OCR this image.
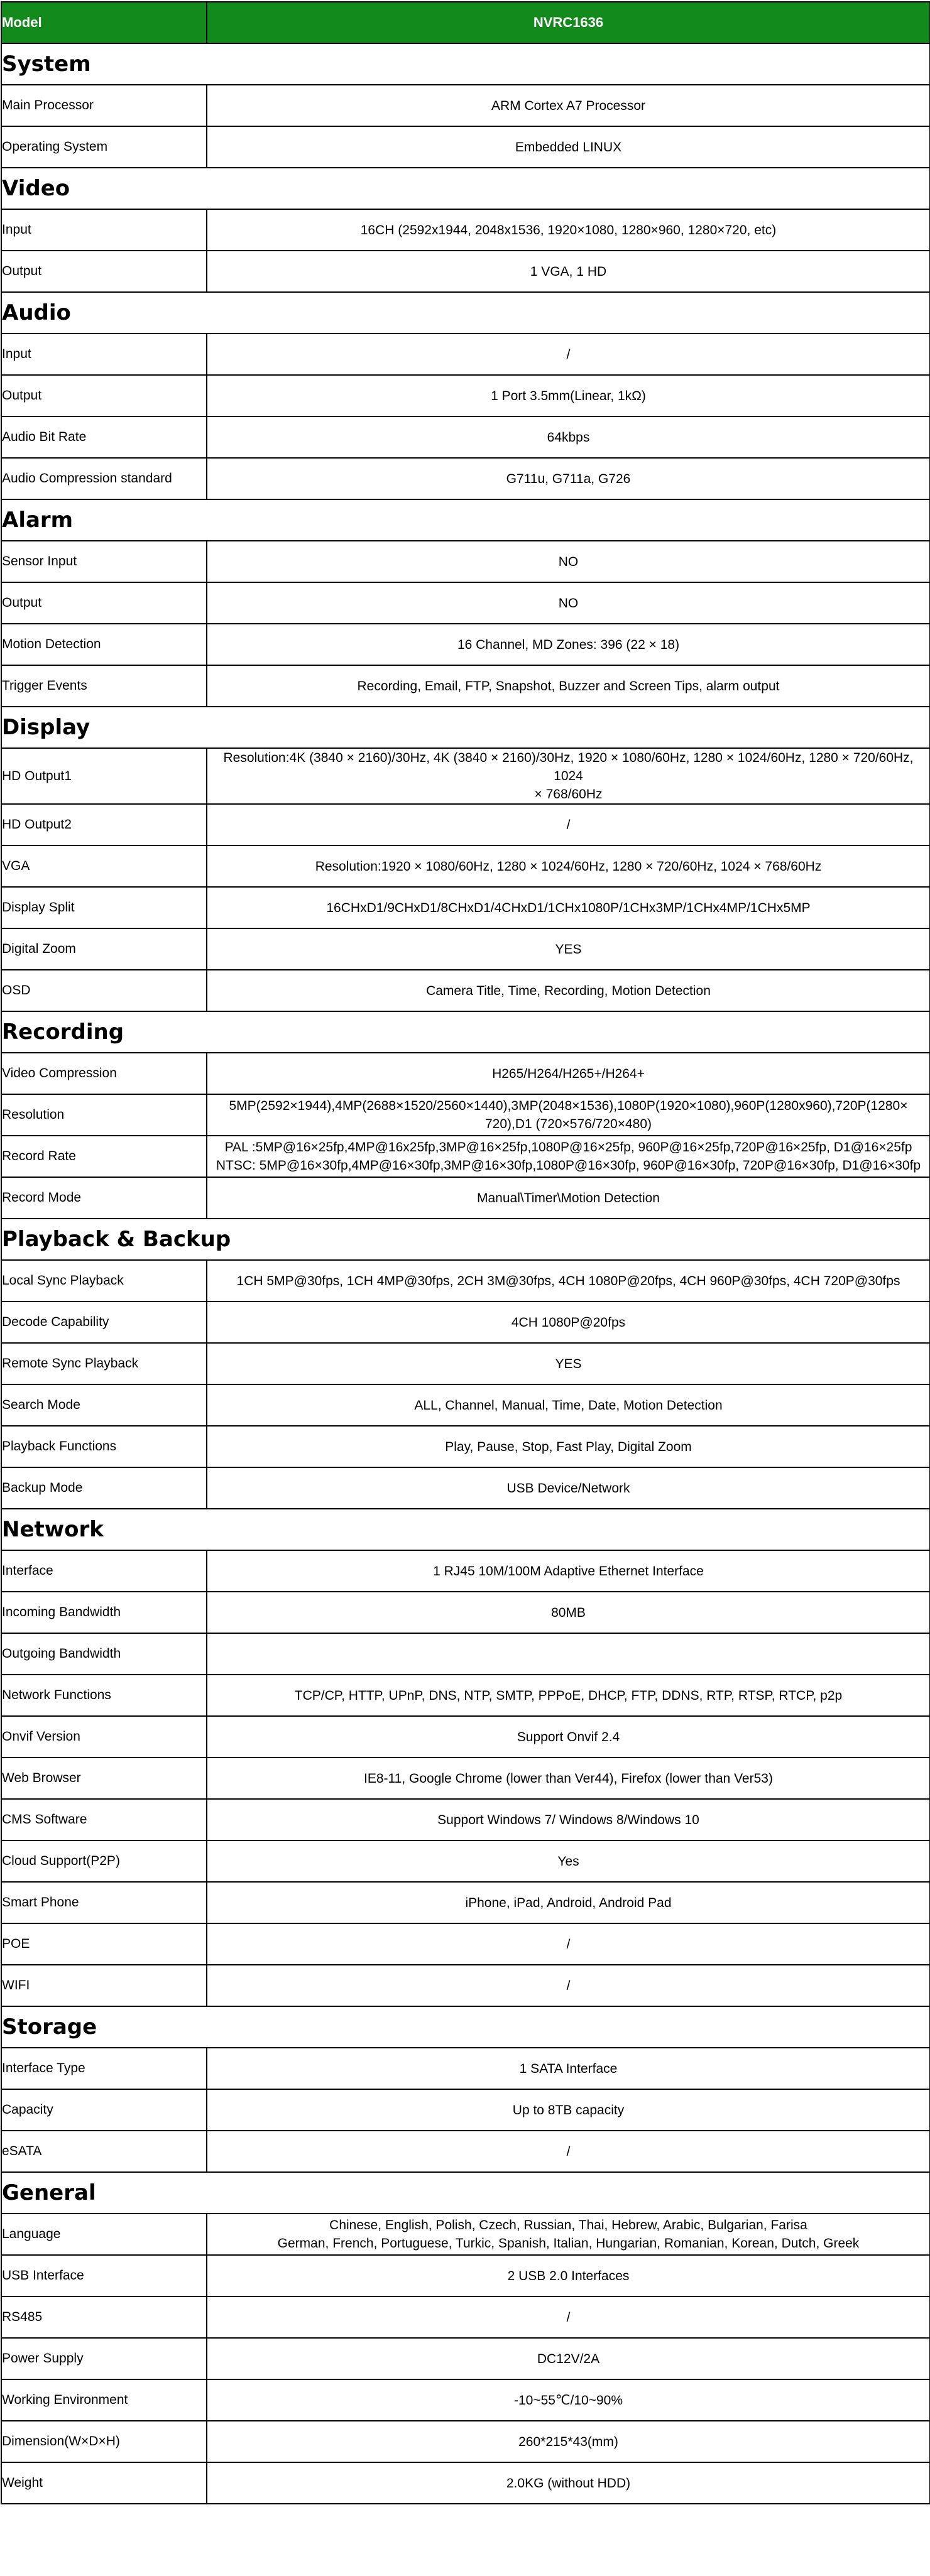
Model	NVRC1636
System	
Main Processor	ARM Cortex A7 Processor
Operating System	Embedded LINUX
Video	
Input	16CH (2592x1944, 2048x1536, 1920×1080, 1280×960, 1280×720, etc)
Output	1 VGA, 1 HD
Audio	
Input	/
Output	1 Port 3.5mm(Linear, 1kΩ)
Audio Bit Rate	64kbps
Audio Compression standard	G711u, G711a, G726
Alarm	
Sensor Input	NO
Output	NO
Motion Detection	16 Channel, MD Zones: 396 (22 × 18)
Trigger Events	Recording, Email, FTP, Snapshot, Buzzer and Screen Tips, alarm output
Display	
HD Output1	Resolution:4K (3840 × 2160)/30Hz, 4K (3840 × 2160)/30Hz, 1920 × 1080/60Hz, 1280 × 1024/60Hz, 1280 × 720/60Hz, 1024
× 768/60Hz
HD Output2	/
VGA	Resolution:1920 × 1080/60Hz, 1280 × 1024/60Hz, 1280 × 720/60Hz, 1024 × 768/60Hz
Display Split	16CHxD1/9CHxD1/8CHxD1/4CHxD1/1CHx1080P/1CHx3MP/1CHx4MP/1CHx5MP
Digital Zoom	YES
OSD	Camera Title, Time, Recording, Motion Detection
Recording	
Video Compression	H265/H264/H265+/H264+
Resolution	5MP(2592×1944),4MP(2688×1520/2560×1440),3MP(2048×1536),1080P(1920×1080),960P(1280x960),720P(1280×
720),D1 (720×576/720×480)
Record Rate	PAL :5MP@16×25fp,4MP@16x25fp,3MP@16×25fp,1080P@16×25fp, 960P@16×25fp,720P@16×25fp, D1@16×25fp
NTSC: 5MP@16×30fp,4MP@16×30fp,3MP@16×30fp,1080P@16×30fp, 960P@16×30fp, 720P@16×30fp, D1@16×30fp
Record Mode	Manual\Timer\Motion Detection
Playback & Backup	
Local Sync Playback	1CH 5MP@30fps, 1CH 4MP@30fps, 2CH 3M@30fps, 4CH 1080P@20fps, 4CH 960P@30fps, 4CH 720P@30fps
Decode Capability	4CH 1080P@20fps
Remote Sync Playback	YES
Search Mode	ALL, Channel, Manual, Time, Date, Motion Detection
Playback Functions	Play, Pause, Stop, Fast Play, Digital Zoom
Backup Mode	USB Device/Network
Network	
Interface	1 RJ45 10M/100M Adaptive Ethernet Interface
Incoming Bandwidth	80MB
Outgoing Bandwidth	
Network Functions	TCP/CP, HTTP, UPnP, DNS, NTP, SMTP, PPPoE, DHCP, FTP, DDNS, RTP, RTSP, RTCP, p2p
Onvif Version	Support Onvif 2.4
Web Browser	IE8-11, Google Chrome (lower than Ver44), Firefox (lower than Ver53)
CMS Software	Support Windows 7/ Windows 8/Windows 10
Cloud Support(P2P)	Yes
Smart Phone	iPhone, iPad, Android, Android Pad
POE	/
WIFI	/
Storage	
Interface Type	1 SATA Interface
Capacity	Up to 8TB capacity
eSATA	/
General	
Language	Chinese, English, Polish, Czech, Russian, Thai, Hebrew, Arabic, Bulgarian, Farisa
German, French, Portuguese, Turkic, Spanish, Italian, Hungarian, Romanian, Korean, Dutch, Greek
USB Interface	2 USB 2.0 Interfaces
RS485	/
Power Supply	DC12V/2A
Working Environment	-10~55℃/10~90%
Dimension(W×D×H)	260*215*43(mm)
Weight	2.0KG (without HDD)
